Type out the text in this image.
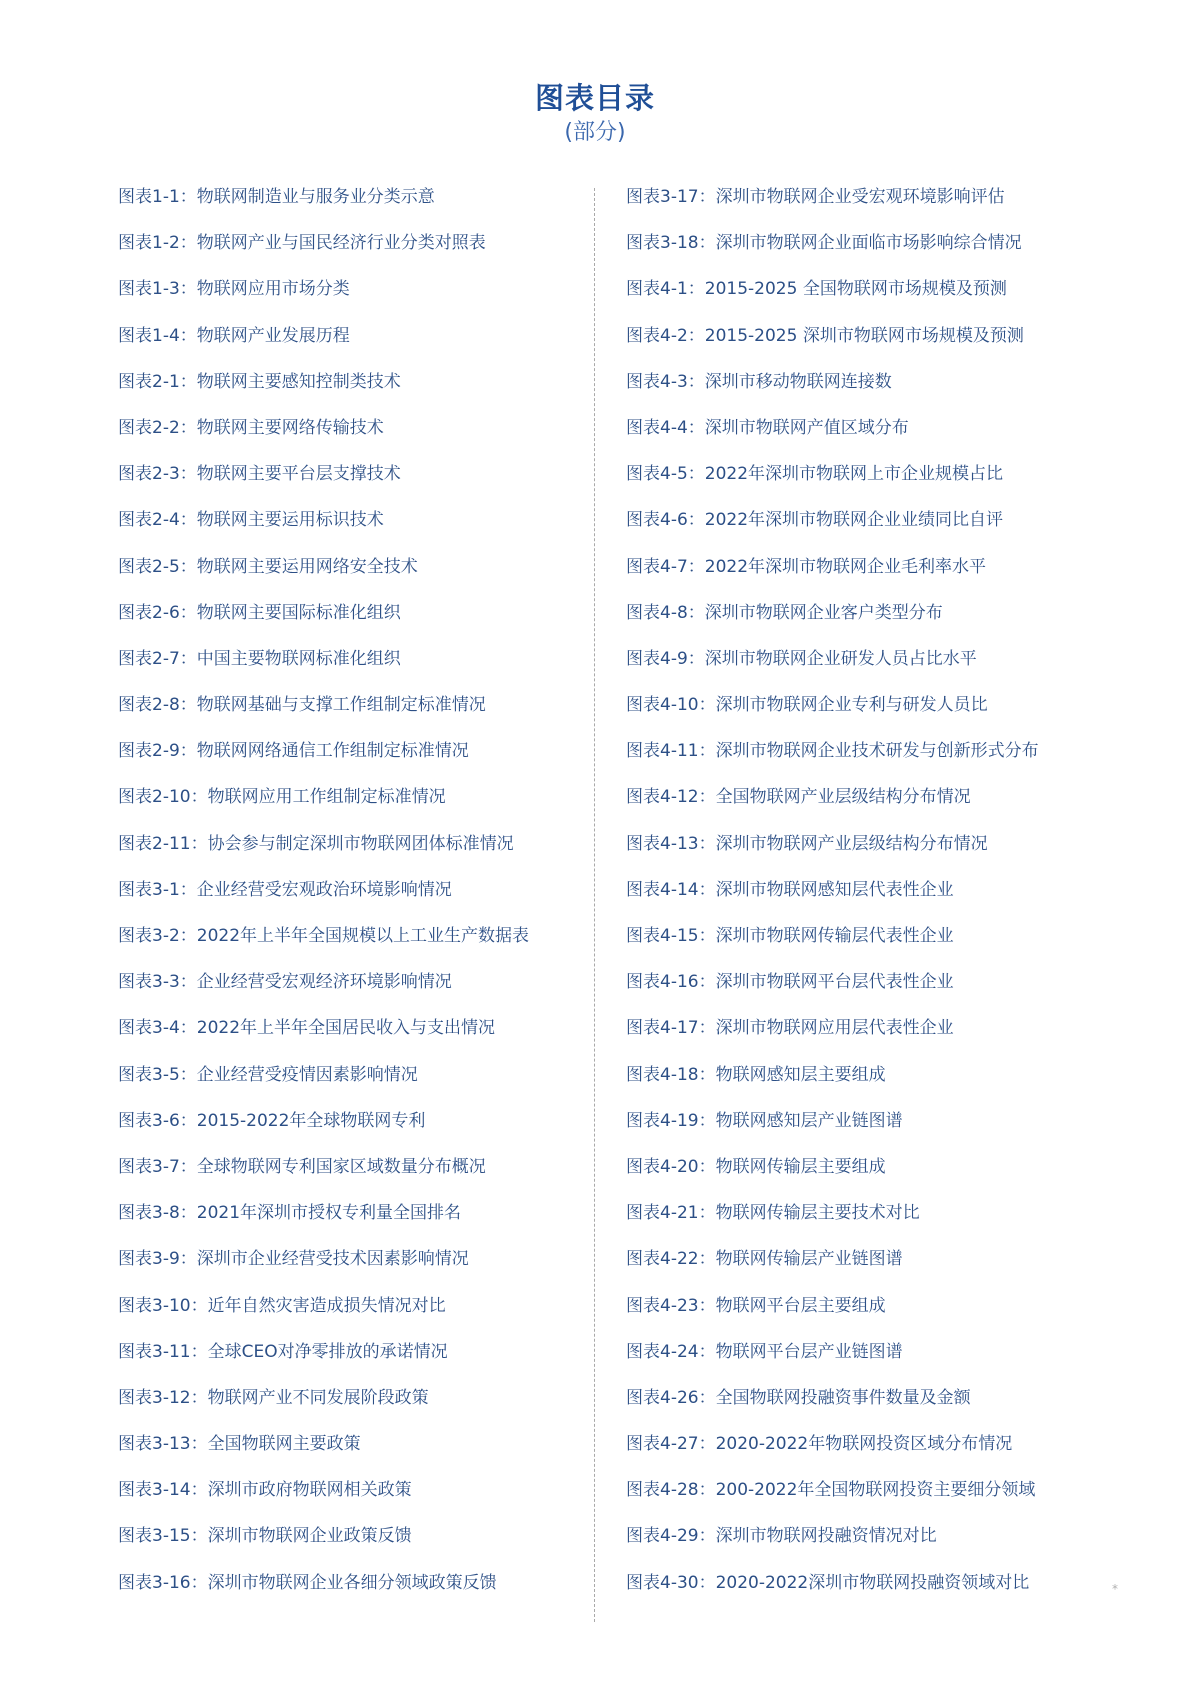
图表目录
(部分)
图表1-1：物联网制造业与服务业分类示意
图表1-2：物联网产业与国民经济行业分类对照表
图表1-3：物联网应用市场分类
图表1-4：物联网产业发展历程
图表2-1：物联网主要感知控制类技术
图表2-2：物联网主要网络传输技术
图表2-3：物联网主要平台层支撑技术
图表2-4：物联网主要运用标识技术
图表2-5：物联网主要运用网络安全技术
图表2-6：物联网主要国际标准化组织
图表2-7：中国主要物联网标准化组织
图表2-8：物联网基础与支撑工作组制定标准情况
图表2-9：物联网网络通信工作组制定标准情况
图表2-10：物联网应用工作组制定标准情况
图表2-11：协会参与制定深圳市物联网团体标准情况
图表3-1：企业经营受宏观政治环境影响情况
图表3-2：2022年上半年全国规模以上工业生产数据表
图表3-3：企业经营受宏观经济环境影响情况
图表3-4：2022年上半年全国居民收入与支出情况
图表3-5：企业经营受疫情因素影响情况
图表3-6：2015-2022年全球物联网专利
图表3-7：全球物联网专利国家区域数量分布概况
图表3-8：2021年深圳市授权专利量全国排名
图表3-9：深圳市企业经营受技术因素影响情况
图表3-10：近年自然灾害造成损失情况对比
图表3-11：全球CEO对净零排放的承诺情况
图表3-12：物联网产业不同发展阶段政策
图表3-13：全国物联网主要政策
图表3-14：深圳市政府物联网相关政策
图表3-15：深圳市物联网企业政策反馈
图表3-16：深圳市物联网企业各细分领域政策反馈
图表3-17：深圳市物联网企业受宏观环境影响评估
图表3-18：深圳市物联网企业面临市场影响综合情况
图表4-1：2015-2025 全国物联网市场规模及预测
图表4-2：2015-2025 深圳市物联网市场规模及预测
图表4-3：深圳市移动物联网连接数
图表4-4：深圳市物联网产值区域分布
图表4-5：2022年深圳市物联网上市企业规模占比
图表4-6：2022年深圳市物联网企业业绩同比自评
图表4-7：2022年深圳市物联网企业毛利率水平
图表4-8：深圳市物联网企业客户类型分布
图表4-9：深圳市物联网企业研发人员占比水平
图表4-10：深圳市物联网企业专利与研发人员比
图表4-11：深圳市物联网企业技术研发与创新形式分布
图表4-12：全国物联网产业层级结构分布情况
图表4-13：深圳市物联网产业层级结构分布情况
图表4-14：深圳市物联网感知层代表性企业
图表4-15：深圳市物联网传输层代表性企业
图表4-16：深圳市物联网平台层代表性企业
图表4-17：深圳市物联网应用层代表性企业
图表4-18：物联网感知层主要组成
图表4-19：物联网感知层产业链图谱
图表4-20：物联网传输层主要组成
图表4-21：物联网传输层主要技术对比
图表4-22：物联网传输层产业链图谱
图表4-23：物联网平台层主要组成
图表4-24：物联网平台层产业链图谱
图表4-26：全国物联网投融资事件数量及金额
图表4-27：2020-2022年物联网投资区域分布情况
图表4-28：200-2022年全国物联网投资主要细分领域
图表4-29：深圳市物联网投融资情况对比
图表4-30：2020-2022深圳市物联网投融资领域对比	*
